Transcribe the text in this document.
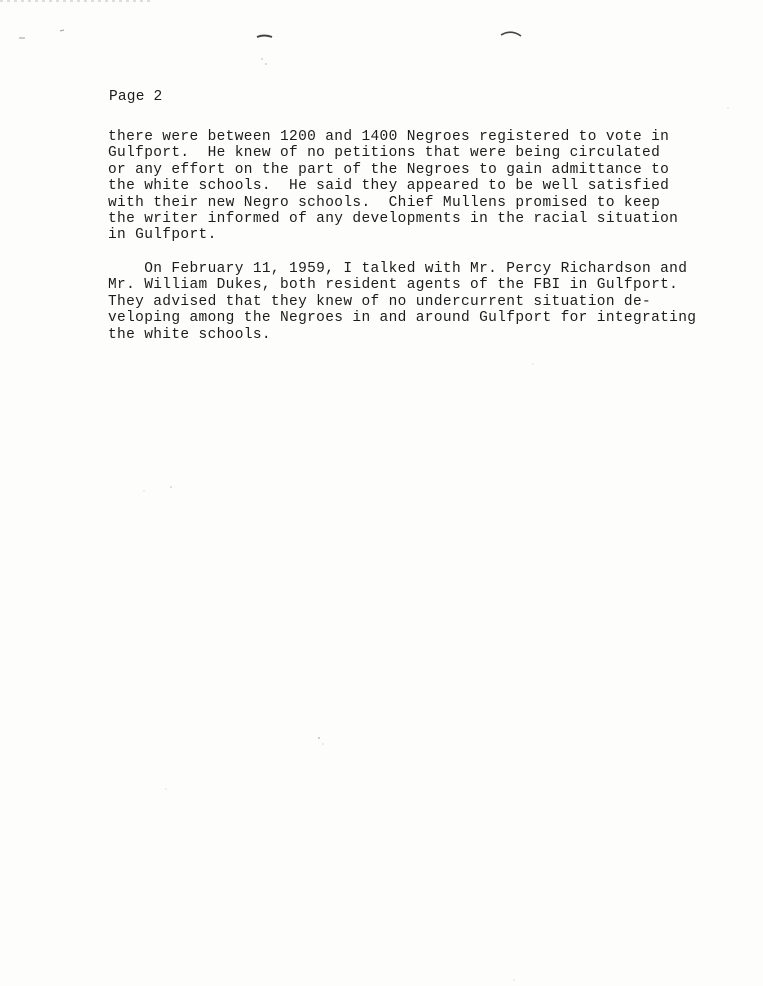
Page 2

there were between 1200 and 1400 Negroes registered to vote in
Gulfport.  He knew of no petitions that were being circulated
or any effort on the part of the Negroes to gain admittance to
the white schools.  He said they appeared to be well satisfied
with their new Negro schools.  Chief Mullens promised to keep
the writer informed of any developments in the racial situation
in Gulfport.

On February 11, 1959, I talked with Mr. Percy Richardson and
Mr. William Dukes, both resident agents of the FBI in Gulfport.
They advised that they knew of no undercurrent situation de-
veloping among the Negroes in and around Gulfport for integrating
the white schools.
